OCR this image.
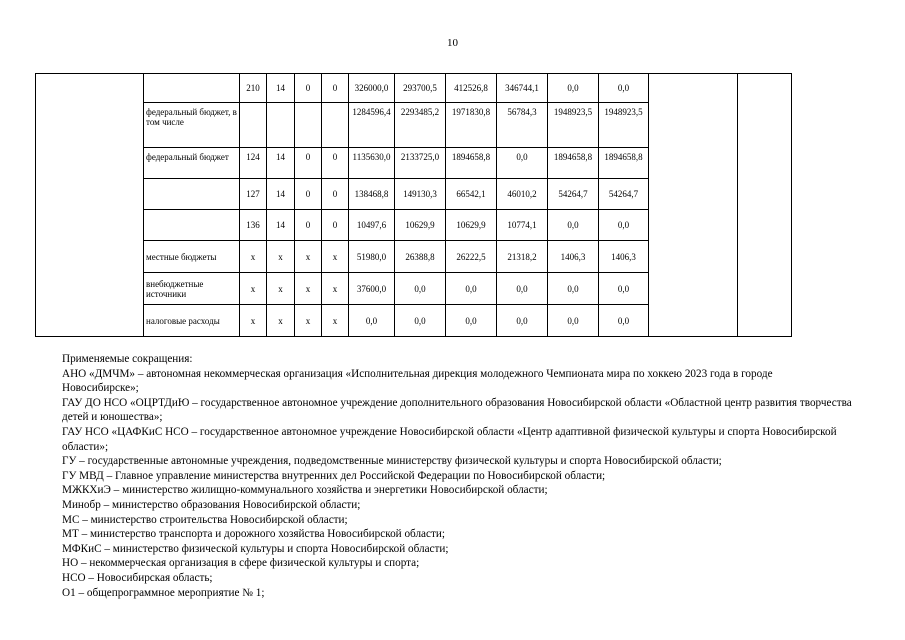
10
		210	14	0	0	326000,0	293700,5	412526,8	346744,1	0,0	0,0		
	федеральный бюджет, в том числе					1284596,4	2293485,2	1971830,8	56784,3	1948923,5	1948923,5		
	федеральный бюджет	124	14	0	0	1135630,0	2133725,0	1894658,8	0,0	1894658,8	1894658,8		
		127	14	0	0	138468,8	149130,3	66542,1	46010,2	54264,7	54264,7		
		136	14	0	0	10497,6	10629,9	10629,9	10774,1	0,0	0,0		
	местные бюджеты	x	x	x	x	51980,0	26388,8	26222,5	21318,2	1406,3	1406,3		
	внебюджетные источники	x	x	x	x	37600,0	0,0	0,0	0,0	0,0	0,0		
	налоговые расходы	x	x	x	x	0,0	0,0	0,0	0,0	0,0	0,0		
Применяемые сокращения:
АНО «ДМЧМ» – автономная некоммерческая организация «Исполнительная дирекция молодежного Чемпионата мира по хоккею 2023 года в городе Новосибирске»;
ГАУ ДО НСО «ОЦРТДиЮ – государственное автономное учреждение дополнительного образования Новосибирской области «Областной центр развития творчества детей и юношества»;
ГАУ НСО «ЦАФКиС НСО – государственное автономное учреждение Новосибирской области «Центр адаптивной физической культуры и спорта Новосибирской области»;
ГУ – государственные автономные учреждения, подведомственные министерству физической культуры и спорта Новосибирской области;
ГУ МВД – Главное управление министерства внутренних дел Российской Федерации по Новосибирской области;
МЖКХиЭ – министерство жилищно-коммунального хозяйства и энергетики Новосибирской области;
Минобр – министерство образования Новосибирской области;
МС – министерство строительства Новосибирской области;
МТ – министерство транспорта и дорожного хозяйства Новосибирской области;
МФКиС – министерство физической культуры и спорта Новосибирской области;
НО – некоммерческая организация в сфере физической культуры и спорта;
НСО – Новосибирская область;
О1 – общепрограммное мероприятие № 1;
